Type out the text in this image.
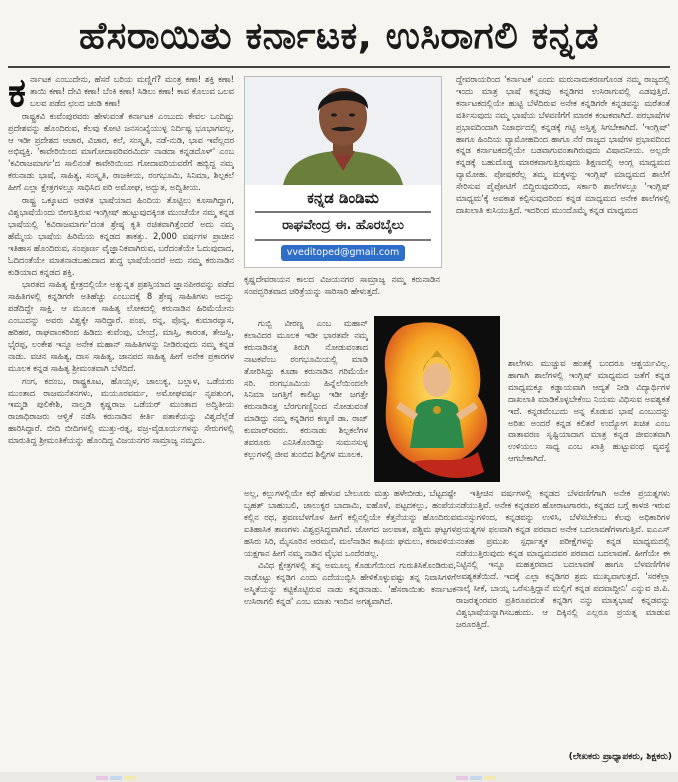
ಹೆಸರಾಯಿತು ಕರ್ನಾಟಕ, ಉಸಿರಾಗಲಿ ಕನ್ನಡ

ಕರ್ನಾಟಕ ಎಂಬುದೇನು, ಹೆಸರೆ ಬರಿಯ ಮಣ್ಣಿಗೆ? ಮಂತ್ರ ಕಣಾ! ಶಕ್ತಿ ಕಣಾ! ತಾಯಿ ಕಣಾ! ದೇವಿ ಕಣಾ! ಬೆಂಕಿ ಕಣಾ! ಸಿಡಿಲು ಕಣಾ! ಕಾವ ಕೊಲುವ ಒಲವ ಬಲವ ಪಡೆದ ಛಲದ ಚಂಡಿ ಕಣಾ!

ರಾಷ್ಟ್ರಕವಿ ಕುವೆಂಪುರವರು ಹೇಳುವಂತೆ ಕರ್ನಾಟಕ ಎಂಬುದು ಕೇವಲ ಒಂದಿಷ್ಟು ಪ್ರದೇಶವನ್ನು ಹೊಂದಿರುವ, ಕೆಲವು ಕೋಟಿ ಜನಸಂಖ್ಯೆಯುಳ್ಳ ನಿರ್ದಿಷ್ಟ ಭೂಭಾಗವಲ್ಲ, ಆ ಇಡೀ ಪ್ರದೇಶದ ಆಚಾರ, ವಿಚಾರ, ಕಲೆ, ಸಂಸ್ಕೃತಿ, ನಡೆ-ನುಡಿ, ಭಾವ ಇವೆಲ್ಲದರ ಅಭಿವ್ಯಕ್ತಿ. 'ಕಾವೇರಿಯಿಂದ ಮಾಗೋದಾವರಿವರಮಿರ್ದ ನಾಡದಾ ಕನ್ನಡದೊಳ್' ಎಂಬ 'ಕವಿರಾಜಮಾರ್ಗ'ದ ಸಾಲಿನಂತೆ ಕಾವೇರಿಯಿಂದ ಗೋದಾವರಿಯವರೆಗೆ ಹಬ್ಬಿದ್ದ ನಮ್ಮ ಕರುನಾಡು ಭಾಷೆ, ಸಾಹಿತ್ಯ, ಸಂಸ್ಕೃತಿ, ರಾಜಕೀಯ, ರಂಗಭೂಮಿ, ಸಿನಿಮಾ, ಶಿಲ್ಪಕಲೆ ಹೀಗೆ ಎಲ್ಲಾ ಕ್ಷೇತ್ರಗಳಲ್ಲೂ ಸಾಧಿಸಿದ ಪರಿ ಅಮೋಘ, ಅದ್ಭುತ, ಅದ್ವಿತೀಯ.

ರಾಷ್ಟ್ರ ಒಕ್ಕೂಟದ ಆಡಳಿತ ಭಾಷೆಯಾದ ಹಿಂದಿಯ ತೊಟ್ಟಿಲು ಕೂಸಾಗಿದ್ದಾಗ, ವಿಶ್ವಭಾಷೆಯೆಂದು ಬೀಗುತ್ತಿರುವ ಇಂಗ್ಲೀಷ್ ಹುಟ್ಟುವುದಕ್ಕಿಂತ ಮುಂಚೆಯೇ ನಮ್ಮ ಕನ್ನಡ ಭಾಷೆಯಲ್ಲಿ 'ಕವಿರಾಜಮಾರ್ಗ'ದಂತ ಶ್ರೇಷ್ಠ ಕೃತಿ ರಚಿತವಾಗಿತ್ತೆಂದರೆ ಅದು ನಮ್ಮ ಹೆಮ್ಮೆಯ ಭಾಷೆಯ ಹಿರಿಮೆಯ ಕನ್ನಡದ ತಾಕತ್ತು. 2,000 ವರ್ಷಗಳ ಪ್ರಾಚೀನ ಇತಿಹಾಸ ಹೊಂದಿರುವ, ಸಂಪೂರ್ಣ ವೈಜ್ಞಾನಿಕವಾಗಿರುವ, ಬರೆದಂತೆಯೇ ಓದುವುದಾದ, ಓದಿದಂತೆಯೇ ಮಾತನಾಡಬಹುದಾದ ಶುದ್ಧ ಭಾಷೆಯೆಂದರೆ ಅದು ನಮ್ಮ ಕರುನಾಡಿನ ಕುಡಿಯಾದ ಕನ್ನಡದ ಶಕ್ತಿ.

ಭಾರತದ ಸಾಹಿತ್ಯ ಕ್ಷೇತ್ರದಲ್ಲಿಯೇ ಅತ್ಯುನ್ನತ ಪ್ರಶಸ್ತಿಯಾದ ಜ್ಞಾನಪೀಠವನ್ನು ಪಡೆದ ಸಾಹಿತಿಗಳಲ್ಲಿ ಕನ್ನಡಿಗರೇ ಅತಿಹೆಚ್ಚು ಎಂಬುದಕ್ಕೆ 8 ಶ್ರೇಷ್ಠ ಸಾಹಿತಿಗಳು ಅದನ್ನು ಪಡೆದಿದ್ದೇ ಸಾಕ್ಷಿ. ಆ ಮೂಲಕ ಸಾಹಿತ್ಯ ಲೋಕದಲ್ಲಿ ಕರುನಾಡಿನ ಹಿರಿಮೆಯೇನು ಎಂಬುದನ್ನು ಅವರು ವಿಶ್ವಕ್ಕೇ ಸಾರಿದ್ದಾರೆ. ಪಂಪ, ರನ್ನ, ಪೊನ್ನ, ಕುಮಾರವ್ಯಾಸ, ಹರಿಹರ, ರಾಘವಾಂಕರಿಂದ ಹಿಡಿದು ಕುವೆಂಪು, ಬೇಂದ್ರೆ, ಮಾಸ್ತಿ, ಕಾರಂತ, ತೇಜಸ್ವಿ, ಭೈರಪ್ಪ, ಲಂಕೇಶ ಇನ್ನೂ ಅನೇಕ ಮಹಾನ್ ಸಾಹಿತಿಗಳನ್ನು ನೀಡಿರುವುದು ನಮ್ಮ ಕನ್ನಡ ನಾಡು. ವಚನ ಸಾಹಿತ್ಯ, ದಾಸ ಸಾಹಿತ್ಯ, ಜಾನಪದ ಸಾಹಿತ್ಯ ಹೀಗೆ ಅನೇಕ ಪ್ರಕಾರಗಳ ಮೂಲಕ ಕನ್ನಡ ಸಾಹಿತ್ಯ ಶ್ರೀಮಂತವಾಗಿ ಬೆಳೆದಿದೆ.

ಗಂಗ, ಕದಂಬ, ರಾಷ್ಟ್ರಕೂಟ, ಹೊಯ್ಸಳ, ಚಾಲುಕ್ಯ, ಬಲ್ಲಾಳ, ಒಡೆಯರು ಮುಂತಾದ ರಾಜಮನೆತನಗಳು, ಮಯೂರವರ್ಮ, ಅಮೋಘವರ್ಷ ನೃಪತುಂಗ, ಇಮ್ಮಡಿ ಪುಲಿಕೇಶಿ, ನಾಲ್ವಡಿ ಕೃಷ್ಣರಾಜ ಒಡೆಯರ್ ಮುಂತಾದ ಅದ್ವಿತೀಯ ರಾಜಾಧಿರಾಜರು ಆಳ್ವಿಕೆ ನಡೆಸಿ ಕರುನಾಡಿನ ಕೀರ್ತಿ ಪತಾಕೆಯನ್ನು ವಿಶ್ವದೆಲ್ಲೆಡೆ ಹಾರಿಸಿದ್ದಾರೆ. ಬೀದಿ ಬೀದಿಗಳಲ್ಲಿ ಮುತ್ತು-ರತ್ನ, ವಜ್ರ-ವೈಡೂರ್ಯಗಳನ್ನು ಸೇರುಗಳಲ್ಲಿ ಮಾರುತಿದ್ದ ಶ್ರೀಮಂತಿಕೆಯನ್ನು ಹೊಂದಿದ್ದ ವಿಜಯನಗರ ಸಾಮ್ರಾಜ್ಯ ನಮ್ಮದು.

ಕನ್ನಡ ಡಿಂಡಿಮ
ರಾಘವೇಂದ್ರ ಈ. ಹೊರಬೈಲು
vveditoped@gmail.com

ಕೃಷ್ಣದೇವರಾಯನ ಕಾಲದ ವಿಜಯನಗರ ಸಾಮ್ರಾಜ್ಯ ನಮ್ಮ ಕರುನಾಡಿನ ಸಂಪದ್ಭರಿತವಾದ ಚರಿತ್ರೆಯನ್ನು ಸಾರಿಸಾರಿ ಹೇಳುತ್ತದೆ.

ಗುಬ್ಬಿ ವೀರಣ್ಣ ಎಂಬ ಮಹಾನ್ ಕಲಾವಿದರ ಮೂಲಕ ಇಡೀ ಭಾರತವೇ ನಮ್ಮ ಕರುನಾಡಿನತ್ತ ತಿರುಗಿ ನೋಡುವಂತಾದ ನಾಟಕವೆಂಬ ರಂಗಭೂಮಿಯಲ್ಲಿ ಮಾಡಿ ತೋರಿಸಿದ್ದು ಕೂಡಾ ಕರುನಾಡಿನ ಗರಿಮೆಯೇ ಸರಿ. ರಂಗಭೂಮಿಯ ಹಿನ್ನೆಲೆಯಿಂದಲೇ ಸಿನಿಮಾ ಜಗತ್ತಿಗೆ ಕಾಲಿಟ್ಟು ಇಡೀ ಜಗತ್ತೇ ಕರುನಾಡಿನತ್ತ ಬೆರಗುಗಣ್ಣಿನಿಂದ ನೋಡುವಂತೆ ಮಾಡಿದ್ದು ನಮ್ಮ ಕನ್ನಡಿಗರ ಕಣ್ಮಣಿ ಡಾ. ರಾಜ್ ಕುಮಾರ್‌ರವರು. ಕರುನಾಡು ಶಿಲ್ಪಕಲೆಗಳ ತವರೂರು ಎನಿಸಿಕೊಂಡಿದ್ದು ಸುಮನಸುಳ್ಳ ಕಲ್ಲುಗಳಲ್ಲಿ ಜೀವ ತುಂಬಿದ ಶಿಲ್ಪಿಗಳ ಮೂಲಕ.

ಅಲ್ಲ, ಕಲ್ಲುಗಳಲ್ಲಿಯೇ ಕಥೆ ಹೇಳುವ ಬೇಲೂರು ಮತ್ತು ಹಳೇಬೀಡು, ಬೆಟ್ಟದಷ್ಟೇ ಬೃಹತ್ ಬಾಹುಬಲಿ, ಚಾಲುಕ್ಯರ ಬಾದಾಮಿ, ಐಹೊಳೆ, ಪಟ್ಟದಕಲ್ಲು, ಹಂಪೆಯ ಕಲ್ಲಿನ ರಥ, ಶ್ರವಣಬೆಳಗೊಳ ಹೀಗೆ ಕಲ್ಲಿನಲ್ಲಿಯೇ ಕೆತ್ತನೆಯನ್ನು ಹೊಂದಿರುವ ಐತಿಹಾಸಿಕ ತಾಣಗಳು ವಿಶ್ವಪ್ರಸಿದ್ಧವಾಗಿವೆ. ಜೋಗದ ಜಲಪಾತ, ಪಶ್ಚಿಮ ಘಟ್ಟಗಳ ಹಸಿರು ಸಿರಿ, ಮೈಸೂರಿನ ಅರಮನೆ, ಮಲೆನಾಡಿನ ಕಾಫಿಯ ಘಮಲು, ಕರಾವಳಿಯ ಯಕ್ಷಗಾನ ಹೀಗೆ ನಮ್ಮ ನಾಡಿನ ವೈಭವ ಒಂದೆರಡಲ್ಲ.

ವಿವಿಧ ಕ್ಷೇತ್ರಗಳಲ್ಲಿ ತನ್ನ ಅಮೂಲ್ಯ ಕೊಡುಗೆಯಿಂದ ಗುರುತಿಸಿಕೊಂಡಿರುವ, ನಾಡೊಟ್ಟು ಕನ್ನಡಿಗ ಎಂದು ಎದೆಯುಬ್ಬಿಸಿ ಹೇಳಿಕೊಳ್ಳುವಷ್ಟು ತನ್ನ ನಿವಾಸಿಗಳಿಗೆ ಅಸ್ಮಿತೆಯನ್ನು ಕಟ್ಟಿಕೊಟ್ಟಿರುವ ನಾಡು ಕನ್ನಡನಾಡು. 'ಹೆಸರಾಯಿತು ಕರ್ನಾಟಕ ಉಸಿರಾಗಲಿ ಕನ್ನಡ' ಎಂಬ ಮಾತು ಇಂದಿನ ಅಗತ್ಯವಾಗಿದೆ.

ದ್ದೇವರಾಯರಿಂದ 'ಕರ್ನಾಟಕ' ಎಂದು ಮರುನಾಮಕರಣಗೊಂಡ ನಮ್ಮ ರಾಜ್ಯದಲ್ಲಿ ಇಂದು ಮಾತ್ರ ಭಾಷೆ ಕನ್ನಡವು ಕನ್ನಡಿಗರ ಉಸಿರಾಗುವಲ್ಲಿ ಎಡವುತ್ತಿದೆ. ಕರ್ನಾಟಕದಲ್ಲಿಯೇ ಹುಟ್ಟಿ ಬೆಳೆದಿರುವ ಅನೇಕ ಕನ್ನಡಿಗರೇ ಕನ್ನಡವನ್ನು ಮರೆತಂತೆ ವರ್ತಿಸುವುದು ನಮ್ಮ ಭಾಷೆಯ ಬೆಳವಣಿಗೆಗೆ ಮಾರಕ ಕಂಟಕವಾಗಿದೆ. ಪರಭಾಷೆಗಳ ಪ್ರಭಾವದಿಂದಾಗಿ ನಿಜಾರ್ಥದಲ್ಲಿ ಕನ್ನಡಕ್ಕೆ ಗಟ್ಟಿ ಅಸ್ತಿತ್ವ ಸಿಗಬೇಕಾಗಿದೆ. 'ಇಂಗ್ಲಿಷ್' ಹಾಗೂ ಹಿಂದಿಯ ವ್ಯಾಮೋಹದಿಂದ ಹಾಗೂ ನೆರೆ ರಾಜ್ಯದ ಭಾಷೆಗಳ ಪ್ರಭಾವದಿಂದ ಕನ್ನಡ ಕರ್ನಾಟಕದಲ್ಲಿಯೇ ಬಡವಾಗುವಂತಾಗಿರುವುದು ವಿಷಾದನೀಯ. ಅಲ್ಲದೇ ಕನ್ನಡಕ್ಕೆ ಬಹುದೊಡ್ಡ ಮಾರಕವಾಗುತ್ತಿರುವುದು ಶಿಕ್ಷಣದಲ್ಲಿ ಆಂಗ್ಲ ಮಾಧ್ಯಮದ ವ್ಯಾಮೋಹ. ಪೋಷಕರೆಲ್ಲ ತಮ್ಮ ಮಕ್ಕಳನ್ನು ಇಂಗ್ಲಿಷ್ ಮಾಧ್ಯಮದ ಶಾಲೆಗೆ ಸೇರಿಸುವ ಪೈಪೋಟಿಗೆ ಬಿದ್ದಿರುವುದರಿಂದ, ಸರ್ಕಾರಿ ಶಾಲೆಗಳಲ್ಲೂ 'ಇಂಗ್ಲಿಷ್ ಮಾಧ್ಯಮ'ಕ್ಕೆ ಅವಕಾಶ ಕಲ್ಪಿಸುವುದರಿಂದ ಕನ್ನಡ ಮಾಧ್ಯಮದ ಅನೇಕ ಶಾಲೆಗಳಲ್ಲಿ ದಾಖಲಾತಿ ಕುಸಿಯುತ್ತಿದೆ. ಇದರಿಂದ ಮುಂದೊಮ್ಮೆ ಕನ್ನಡ ಮಾಧ್ಯಮದ

ಶಾಲೆಗಳು ಮುಚ್ಚುವ ಹಂತಕ್ಕೆ ಬಂದರೂ ಆಶ್ಚರ್ಯವಿಲ್ಲ. ಹಾಗಾಗಿ ಶಾಲೆಗಳಲ್ಲಿ ಇಂಗ್ಲಿಷ್ ಮಾಧ್ಯಮದ ಜತೆಗೆ ಕನ್ನಡ ಮಾಧ್ಯಮಕ್ಕೂ ಕಡ್ಡಾಯವಾಗಿ ಆದ್ಯತೆ ನೀಡಿ ವಿದ್ಯಾರ್ಥಿಗಳ ದಾಖಲಾತಿ ಮಾಡಿಕೊಳ್ಳಬೇಕೆಂಬ ನಿಯಮ ವಿಧಿಸುವ ಅವಶ್ಯಕತೆ ಇದೆ. ಕನ್ನಡವೆಂಬುದು ಅನ್ನ ಕೊಡುವ ಭಾಷೆ ಎಂಬುದನ್ನು ಅರಿತು ಅಂದರೆ ಕನ್ನಡ ಕಲಿತರೆ ಉದ್ಯೋಗ ಖಚಿತ ಎಂಬ ವಾತಾವರಣ ಸೃಷ್ಟಿಯಾದಾಗ ಮಾತ್ರ ಕನ್ನಡ ಜೀವಂತವಾಗಿ ಉಳಿಯಲು ಸಾಧ್ಯ ಎಂಬ ಖಾತ್ರಿ ಹುಟ್ಟುವಂಥ ವ್ಯವಸ್ಥೆ ಆಗಬೇಕಾಗಿದೆ.

ಇತ್ತೀಚಿನ ವರ್ಷಗಳಲ್ಲಿ ಕನ್ನಡದ ಬೆಳವಣಿಗೆಗಾಗಿ ಅನೇಕ ಪ್ರಯತ್ನಗಳು ನಡೆಯುತ್ತಿವೆ. ಅನೇಕ ಕನ್ನಡಪರ ಹೋರಾಟಗಾರರು, ಕನ್ನಡದ ಬಗ್ಗೆ ಕಾಳಜಿ ಇರುವ ಮನಸ್ಸುಗಳಿಂದ, ಕನ್ನಡವನ್ನು ಉಳಿಸಿ, ಬೆಳೆಸಬೇಕೆಂಬ ಕೆಲವು ಅಧಿಕಾರಿಗಳ ಪ್ರಯತ್ನಗಳ ಫಲವಾಗಿ ಕನ್ನಡ ಪರವಾದ ಅನೇಕ ಬದಲಾವಣೆಗಳಾಗುತ್ತಿವೆ. ಐಎಎಸ್ ನಂತಹ ಪ್ರಮುಖ ಸ್ಪರ್ಧಾತ್ಮಕ ಪರೀಕ್ಷೆಗಳನ್ನು ಕನ್ನಡ ಮಾಧ್ಯಮದಲ್ಲಿ ನಡೆಯುತ್ತಿರುವುದು ಕನ್ನಡ ಮಾಧ್ಯಮದವರ ಪರವಾದ ಬದಲಾವಣೆ. ಹೀಗೆಯೇ ಈ ನಿಟ್ಟಿನಲ್ಲಿ ಇನ್ನೂ ಮಹತ್ತರವಾದ ಬದಲಾವಣೆ ಹಾಗೂ ಬೆಳವಣಿಗೆಗಳ ಅವಶ್ಯಕತೆಯಿದೆ. ಇದಕ್ಕೆ ಎಲ್ಲಾ ಕನ್ನಡಿಗರ ಶ್ರಮ ಮುಖ್ಯವಾಗುತ್ತದೆ. 'ಸರಕೆಲ್ಲಾ ನಾಲ್ಕೆ ಸೀಕೆ, ಬಾಯ್ನ ಒರೆಸುತ್ತಿದ್ದಾನೆ ಮಲ್ಲಿಗೆ ಕನ್ನಡ ಪದವಾದ್ದೀನಿ' ಎನ್ನುವ ಜಿ.ಪಿ. ರಾಜರತ್ನಂರವರ ಪ್ರತಿರೂಪದಂತೆ ಕನ್ನಡಿಗ ನನ್ನು ಮಾತೃಭಾಷೆ ಕನ್ನಡವನ್ನು ವಿಶ್ವಭಾಷೆಯನ್ನಾಗಿಸಬಹುದು. ಆ ದಿಕ್ಕಿನಲ್ಲಿ ಎಲ್ಲರೂ ಪ್ರಯತ್ನ ಮಾಡುವ ಜರೂರತ್ತಿದೆ.

(ಲೇಖಕರು ಪ್ರಾಧ್ಯಾಪಕರು, ಶಿಕ್ಷಕರು)
